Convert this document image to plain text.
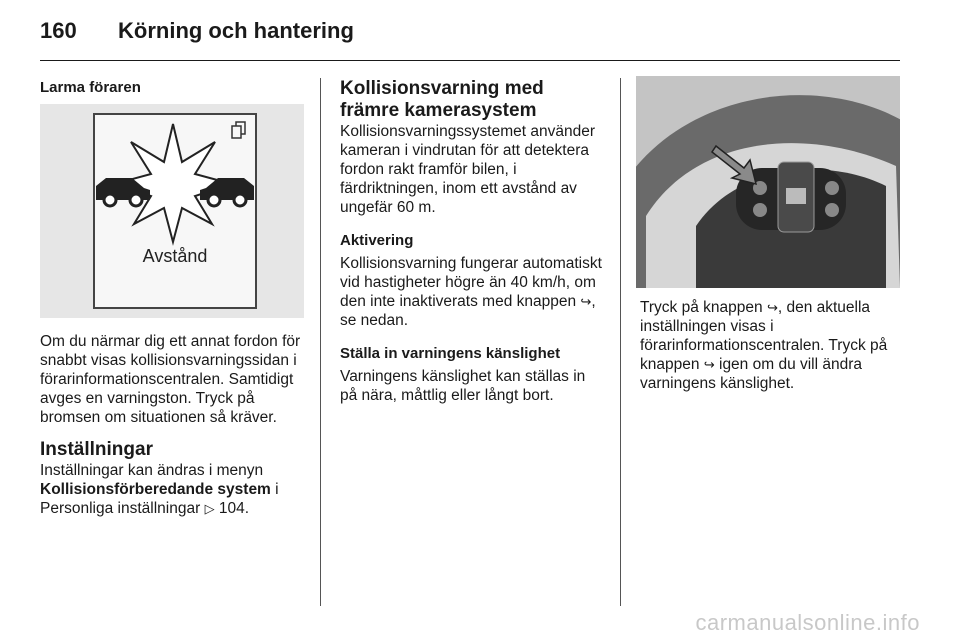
160	Körning och hantering
Larma föraren
Avstånd

Om du närmar dig ett annat fordon för snabbt visas kollisionsvarningssidan i förarinformationscentralen. Samtidigt avges en varningston. Tryck på bromsen om situationen så kräver.

Inställningar

Inställningar kan ändras i menyn Kollisionsförberedande system i Personliga inställningar ▷ 104.

Kollisionsvarning med främre kamerasystem

Kollisionsvarningssystemet använder kameran i vindrutan för att detektera fordon rakt framför bilen, i färdriktningen, inom ett avstånd av ungefär 60 m.

Aktivering

Kollisionsvarning fungerar automatiskt vid hastigheter högre än 40 km/h, om den inte inaktiverats med knappen ↪, se nedan.

Ställa in varningens känslighet

Varningens känslighet kan ställas in på nära, måttlig eller långt bort.

Tryck på knappen ↪, den aktuella inställningen visas i förarinformationscentralen. Tryck på knappen ↪ igen om du vill ändra varningens känslighet.

carmanualsonline.info
